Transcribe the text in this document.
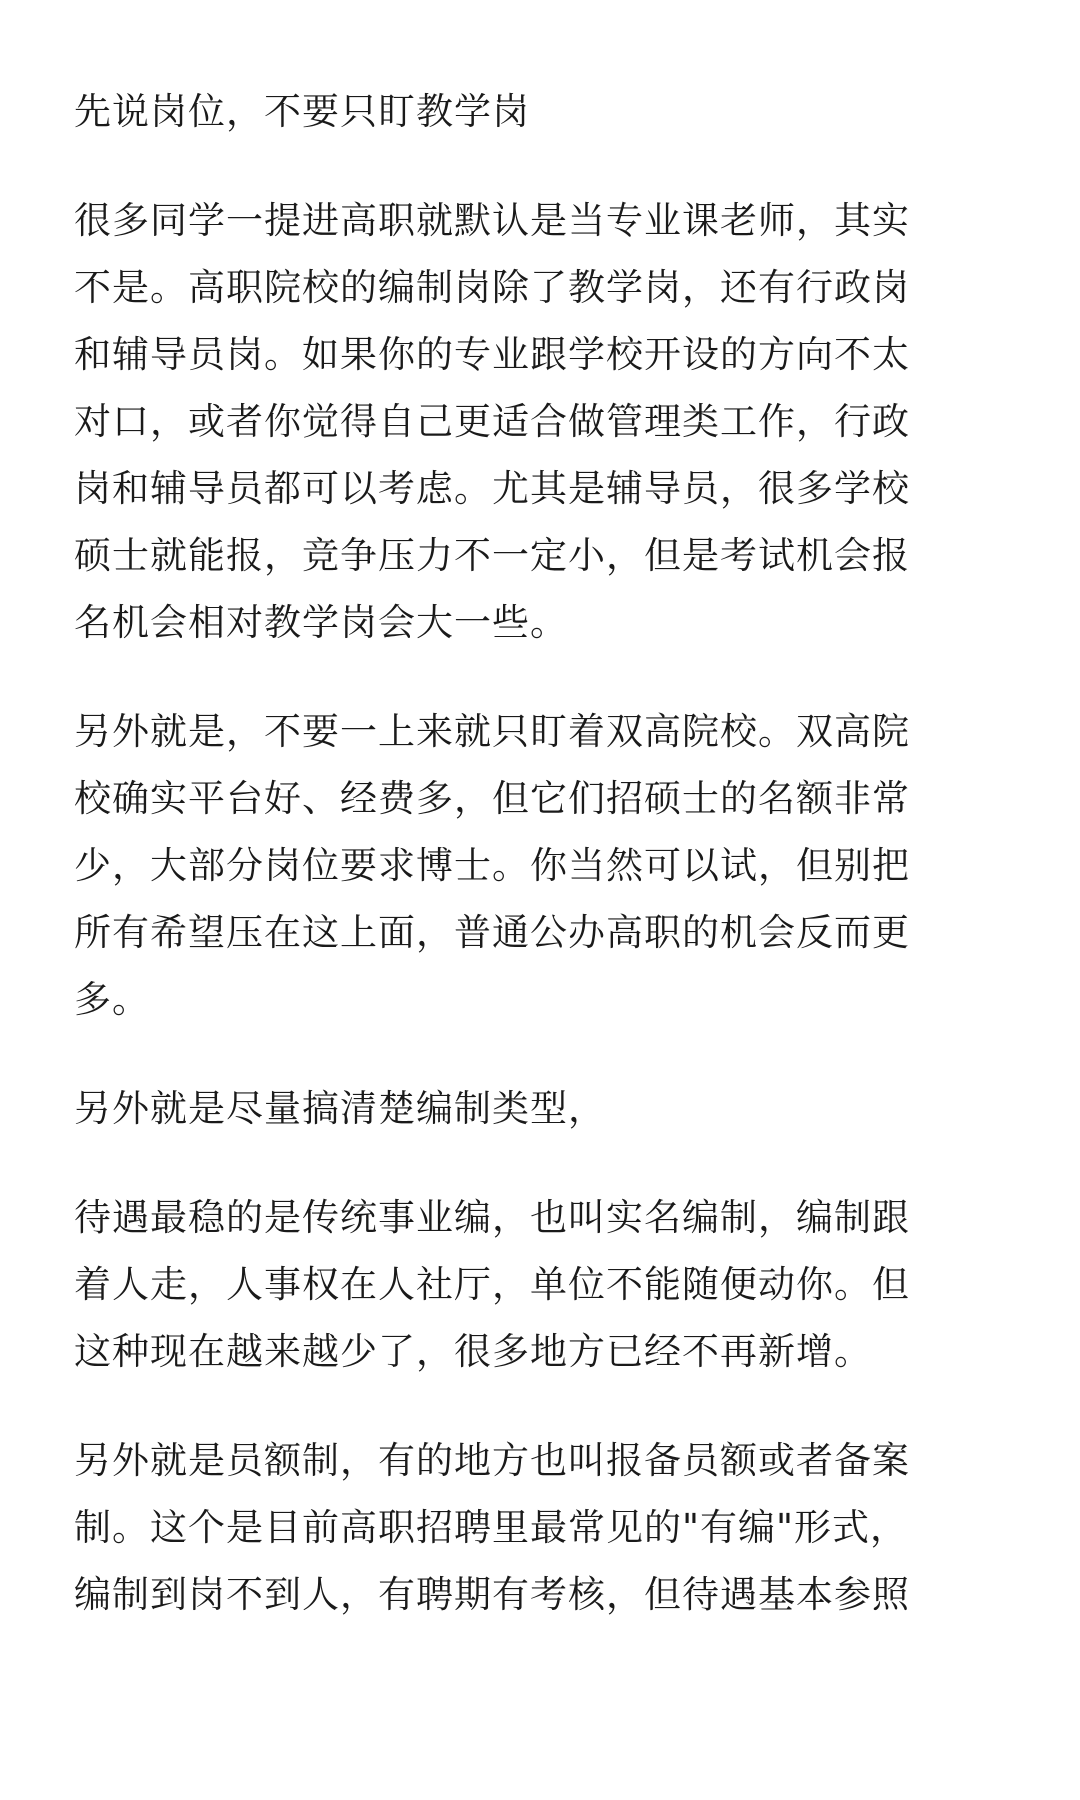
先说岗位，不要只盯教学岗

很多同学一提进高职就默认是当专业课老师，其实
不是。高职院校的编制岗除了教学岗，还有行政岗
和辅导员岗。如果你的专业跟学校开设的方向不太
对口，或者你觉得自己更适合做管理类工作，行政
岗和辅导员都可以考虑。尤其是辅导员，很多学校
硕士就能报，竞争压力不一定小，但是考试机会报
名机会相对教学岗会大一些。

另外就是，不要一上来就只盯着双高院校。双高院
校确实平台好、经费多，但它们招硕士的名额非常
少，大部分岗位要求博士。你当然可以试，但别把
所有希望压在这上面，普通公办高职的机会反而更
多。

另外就是尽量搞清楚编制类型，

待遇最稳的是传统事业编，也叫实名编制，编制跟
着人走，人事权在人社厅，单位不能随便动你。但
这种现在越来越少了，很多地方已经不再新增。

另外就是员额制，有的地方也叫报备员额或者备案
制。这个是目前高职招聘里最常见的"有编"形式，
编制到岗不到人，有聘期有考核，但待遇基本参照
